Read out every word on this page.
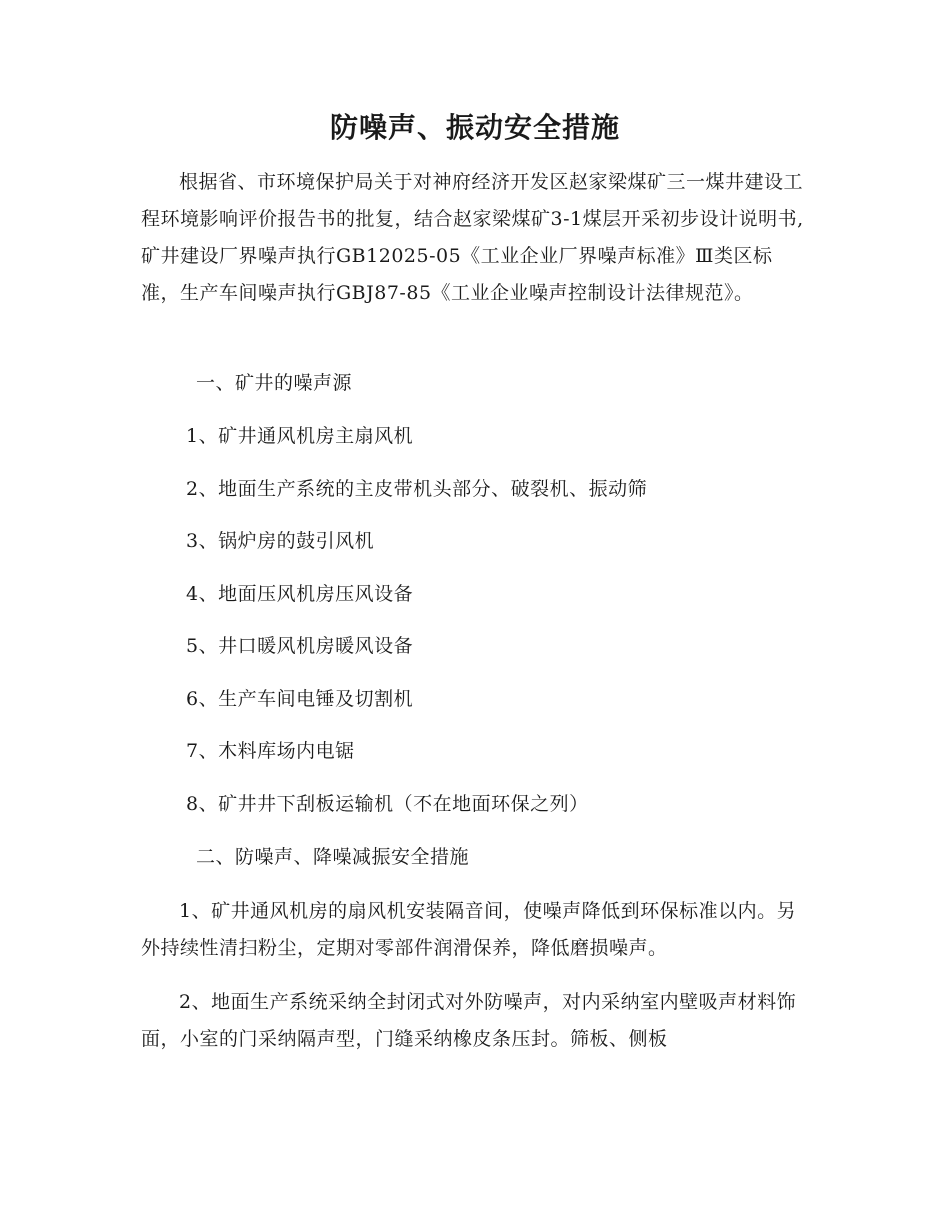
防噪声、振动安全措施
根据省、市环境保护局关于对神府经济开发区赵家梁煤矿三一煤井建设工程环境影响评价报告书的批复，结合赵家梁煤矿3-1煤层开采初步设计说明书,矿井建设厂界噪声执行GB12025-05《工业企业厂界噪声标准》Ⅲ类区标准，生产车间噪声执行GBJ87-85《工业企业噪声控制设计法律规范》。
一、矿井的噪声源
1、矿井通风机房主扇风机
2、地面生产系统的主皮带机头部分、破裂机、振动筛
3、锅炉房的鼓引风机
4、地面压风机房压风设备
5、井口暖风机房暖风设备
6、生产车间电锤及切割机
7、木料库场内电锯
8、矿井井下刮板运输机（不在地面环保之列）
二、防噪声、降噪减振安全措施
1、矿井通风机房的扇风机安装隔音间，使噪声降低到环保标准以内。另外持续性清扫粉尘，定期对零部件润滑保养，降低磨损噪声。
2、地面生产系统采纳全封闭式对外防噪声，对内采纳室内壁吸声材料饰面，小室的门采纳隔声型，门缝采纳橡皮条压封。筛板、侧板
